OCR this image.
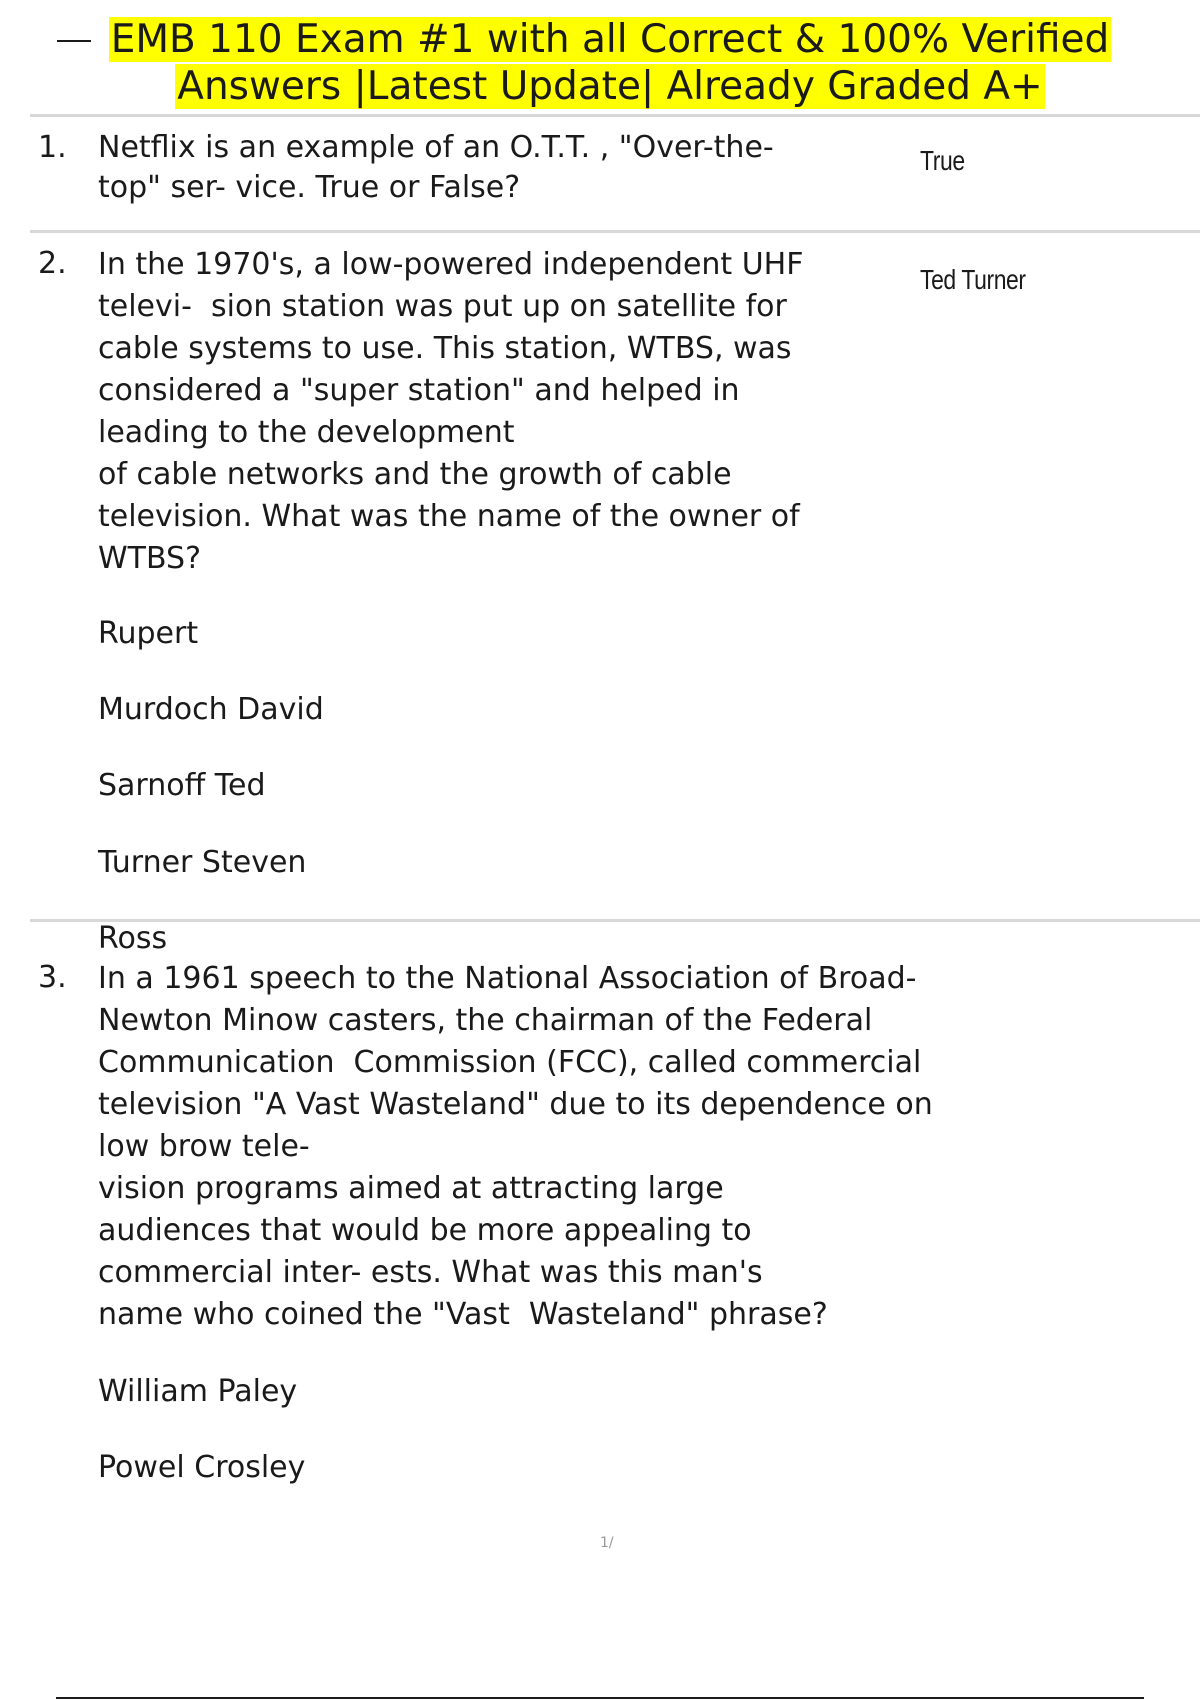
EMB 110 Exam #1 with all Correct & 100% Verified
Answers |Latest Update| Already Graded A+
1. Netflix is an example of an O.T.T. , "Over-the-
top" ser- vice. True or False?
True
2. In the 1970's, a low-powered independent UHF
televi-  sion station was put up on satellite for
cable systems to use. This station, WTBS, was
considered a "super station" and helped in
leading to the development
of cable networks and the growth of cable
television. What was the name of the owner of
WTBS?
Ted Turner
Rupert
Murdoch David
Sarnoff Ted
Turner Steven
Ross
3. In a 1961 speech to the National Association of Broad-
Newton Minow casters, the chairman of the Federal
Communication  Commission (FCC), called commercial
television "A Vast Wasteland" due to its dependence on
low brow tele-
vision programs aimed at attracting large
audiences that would be more appealing to
commercial inter- ests. What was this man's
name who coined the "Vast  Wasteland" phrase?
William Paley
Powel Crosley
1/
